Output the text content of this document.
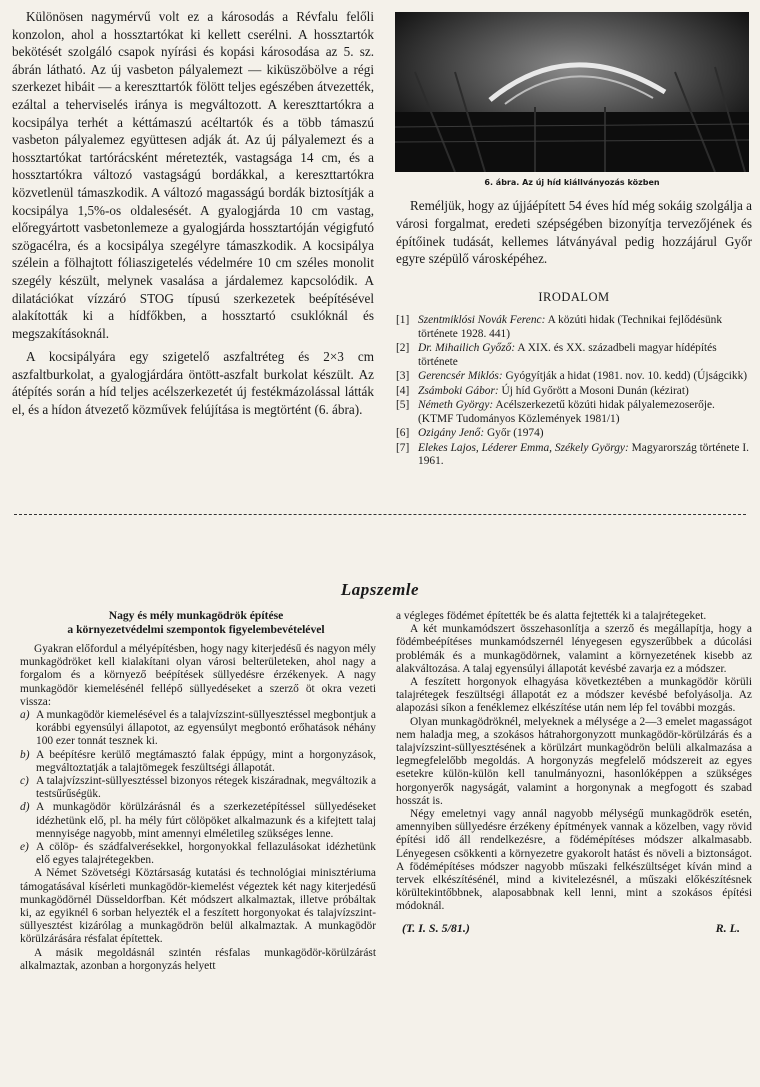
Különösen nagymérvű volt ez a károsodás a Révfalu felőli konzolon, ahol a hossztartókat ki kellett cserélni. A hossztartók bekötését szolgáló csapok nyírási és kopási károsodása az 5. sz. ábrán látható. Az új vasbeton pályalemezt — kiküszöbölve a régi szerkezet hibáit — a kereszttartók fölött teljes egészében átvezették, ezáltal a teherviselés iránya is megváltozott. A kereszttartókra a kocsipálya terhét a kéttámaszú acéltartók és a több támaszú vasbeton pályalemez együttesen adják át. Az új pályalemezt és a hossztartókat tartórácsként méretezték, vastagsága 14 cm, és a hossztartókra változó vastagságú bordákkal, a kereszttartókra közvetlenül támaszkodik. A változó magasságú bordák biztosítják a kocsipálya 1,5%-os oldalesését. A gyalogjárda 10 cm vastag, előregyártott vasbetonlemeze a gyalogjárda hossztartóján végigfutó szögacélra, és a kocsipálya szegélyre támaszkodik. A kocsipálya szélein a fölhajtott fóliaszigetelés védelmére 10 cm széles monolit szegély készült, melynek vasalása a járdalemez kapcsolódik. A dilatációkat vízzáró STOG típusú szerkezetek beépítésével alakították ki a hídfőkben, a hossztartó csuklóknál és megszakításoknál.

A kocsipályára egy szigetelő aszfaltréteg és 2×3 cm aszfaltburkolat, a gyalogjárdára öntött-aszfalt burkolat készült. Az átépítés során a híd teljes acélszerkezetét új festékmázolással látták el, és a hídon átvezető közművek felújítása is megtörtént (6. ábra).

6. ábra. Az új híd kiállványozás közben

Reméljük, hogy az újjáépített 54 éves híd még sokáig szolgálja a városi forgalmat, eredeti szépségében bizonyítja tervezőjének és építőinek tudását, kellemes látványával pedig hozzájárul Győr egyre szépülő városképéhez.

IRODALOM
[1] Szentmiklósi Novák Ferenc: A közúti hidak (Technikai fejlődésünk története 1928. 441)
[2] Dr. Mihailich Győző: A XIX. és XX. századbeli magyar hídépítés története
[3] Gerencsér Miklós: Gyógyítják a hidat (1981. nov. 10. kedd) (Újságcikk)
[4] Zsámboki Gábor: Új híd Győrött a Mosoni Dunán (kézirat)
[5] Németh György: Acélszerkezetű közúti hidak pályalemezoserője. (KTMF Tudományos Közlemények 1981/1)
[6] Ozigány Jenő: Győr (1974)
[7] Elekes Lajos, Léderer Emma, Székely György: Magyarország története I. 1961.
Lapszemle
Nagy és mély munkagödrök építése
a környezetvédelmi szempontok figyelembevételével

Gyakran előfordul a mélyépítésben, hogy nagy kiterjedésű és nagyon mély munkagödröket kell kialakítani olyan városi belterületeken, ahol nagy a forgalom és a környező beépítések süllyedésre érzékenyek. A nagy munkagödör kiemelésénél fellépő süllyedéseket a szerző öt okra vezeti vissza:

a) A munkagödör kiemelésével és a talajvízszint-süllyesztéssel megbontjuk a korábbi egyensúlyi állapotot, az egyensúlyt megbontó erőhatások néhány 100 ezer tonnát tesznek ki.
b) A beépítésre kerülő megtámasztó falak éppúgy, mint a horgonyzások, megváltoztatják a talajtömegek feszültségi állapotát.
c) A talajvízszint-süllyesztéssel bizonyos rétegek kiszáradnak, megváltozik a testsűrűségük.
d) A munkagödör körülzárásnál és a szerkezetépítéssel süllyedéseket idézhetünk elő, pl. ha mély fúrt cölöpöket alkalmazunk és a kifejtett talaj mennyisége nagyobb, mint amennyi elméletileg szükséges lenne.
e) A cölöp- és szádfalverésekkel, horgonyokkal fellazulásokat idézhetünk elő egyes talajrétegekben.

A Német Szövetségi Köztársaság kutatási és technológiai minisztériuma támogatásával kísérleti munkagödör-kiemelést végeztek két nagy kiterjedésű munkagödörnél Düsseldorfban. Két módszert alkalmaztak, illetve próbáltak ki, az egyiknél 6 sorban helyezték el a feszített horgonyokat és talajvízszint-süllyesztést kizárólag a munkagödrön belül alkalmaztak. A munkagödör körülzárására résfalat építettek.

A másik megoldásnál szintén résfalas munkagödör-körülzárást alkalmaztak, azonban a horgonyzás helyett

a végleges födémet építették be és alatta fejtették ki a talajrétegeket.

A két munkamódszert összehasonlítja a szerző és megállapítja, hogy a födémbeépítéses munkamódszernél lényegesen egyszerűbbek a dúcolási problémák és a munkagödörnek, valamint a környezetének kisebb az alakváltozása. A talaj egyensúlyi állapotát kevésbé zavarja ez a módszer.

A feszített horgonyok elhagyása következtében a munkagödör körüli talajrétegek feszültségi állapotát ez a módszer kevésbé befolyásolja. Az alapozási síkon a fenéklemez elkészítése után nem lép fel további mozgás.

Olyan munkagödröknél, melyeknek a mélysége a 2—3 emelet magasságot nem haladja meg, a szokásos hátrahorgonyzott munkagödör-körülzárás és a talajvízszint-süllyesztésének a körülzárt munkagödrön belüli alkalmazása a legmegfelelőbb megoldás. A horgonyzás megfelelő módszereit az egyes esetekre külön-külön kell tanulmányozni, hasonlóképpen a szükséges horgonyerők nagyságát, valamint a horgonynak a megfogott és szabad hosszát is.

Négy emeletnyi vagy annál nagyobb mélységű munkagödrök esetén, amennyiben süllyedésre érzékeny építmények vannak a közelben, vagy rövid építési idő áll rendelkezésre, a födémépítéses módszer alkalmasabb. Lényegesen csökkenti a környezetre gyakorolt hatást és növeli a biztonságot. A födémépítéses módszer nagyobb műszaki felkészültséget kíván mind a tervek elkészítésénél, mind a kivitelezésnél, a műszaki előkészítésnek körültekintőbbnek, alaposabbnak kell lenni, mint a szokásos építési módoknál.

(T. I. S. 5/81.)	R. L.
